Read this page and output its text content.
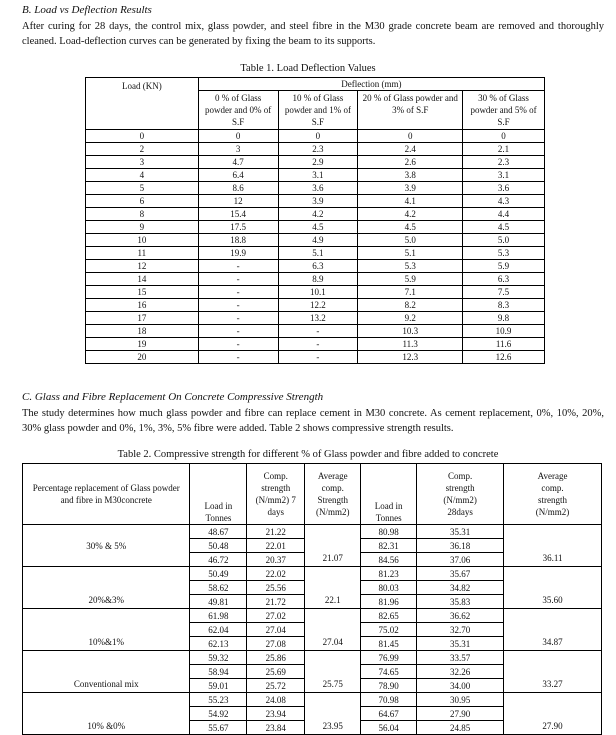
B. Load vs Deflection Results
After curing for 28 days, the control mix, glass powder, and steel fibre in the M30 grade concrete beam are removed and thoroughly cleaned. Load-deflection curves can be generated by fixing the beam to its supports.
Table 1. Load Deflection Values
Load (KN)	Deflection (mm)			
	0 % of Glass powder and 0% of S.F	10 % of Glass powder and 1% of S.F	20 % of Glass powder and 3% of S.F	30 % of Glass powder and 5% of S.F
0	0	0	0	0
2	3	2.3	2.4	2.1
3	4.7	2.9	2.6	2.3
4	6.4	3.1	3.8	3.1
5	8.6	3.6	3.9	3.6
6	12	3.9	4.1	4.3
8	15.4	4.2	4.2	4.4
9	17.5	4.5	4.5	4.5
10	18.8	4.9	5.0	5.0
11	19.9	5.1	5.1	5.3
12	-	6.3	5.3	5.9
14	-	8.9	5.9	6.3
15	-	10.1	7.1	7.5
16	-	12.2	8.2	8.3
17	-	13.2	9.2	9.8
18	-	-	10.3	10.9
19	-	-	11.3	11.6
20	-	-	12.3	12.6
C. Glass and Fibre Replacement On Concrete Compressive Strength
The study determines how much glass powder and fibre can replace cement in M30 concrete. As cement replacement, 0%, 10%, 20%, 30% glass powder and 0%, 1%, 3%, 5% fibre were added. Table 2 shows compressive strength results.
Table 2. Compressive strength for different % of Glass powder and fibre added to concrete
Percentage replacement of Glass powder and fibre in M30concrete	Load in Tonnes	Comp. strength (N/mm2) 7 days	Average comp. Strength (N/mm2)	Load in Tonnes	Comp. strength (N/mm2) 28days	Average comp. strength (N/mm2)
30% & 5%	48.67	21.22	21.07	80.98	35.31	36.11
	50.48	22.01		82.31	36.18	
	46.72	20.37		84.56	37.06	
20%&3%	50.49	22.02	22.1	81.23	35.67	35.60
	58.62	25.56		80.03	34.82	
	49.81	21.72		81.96	35.83	
10%&1%	61.98	27.02	27.04	82.65	36.62	34.87
	62.04	27.04		75.02	32.70	
	62.13	27.08		81.45	35.31	
Conventional mix	59.32	25.86	25.75	76.99	33.57	33.27
	58.94	25.69		74.65	32.26	
	59.01	25.72		78.90	34.00	
10% &0%	55.23	24.08	23.95	70.98	30.95	27.90
	54.92	23.94		64.67	27.90	
	55.67	23.84		56.04	24.85	
